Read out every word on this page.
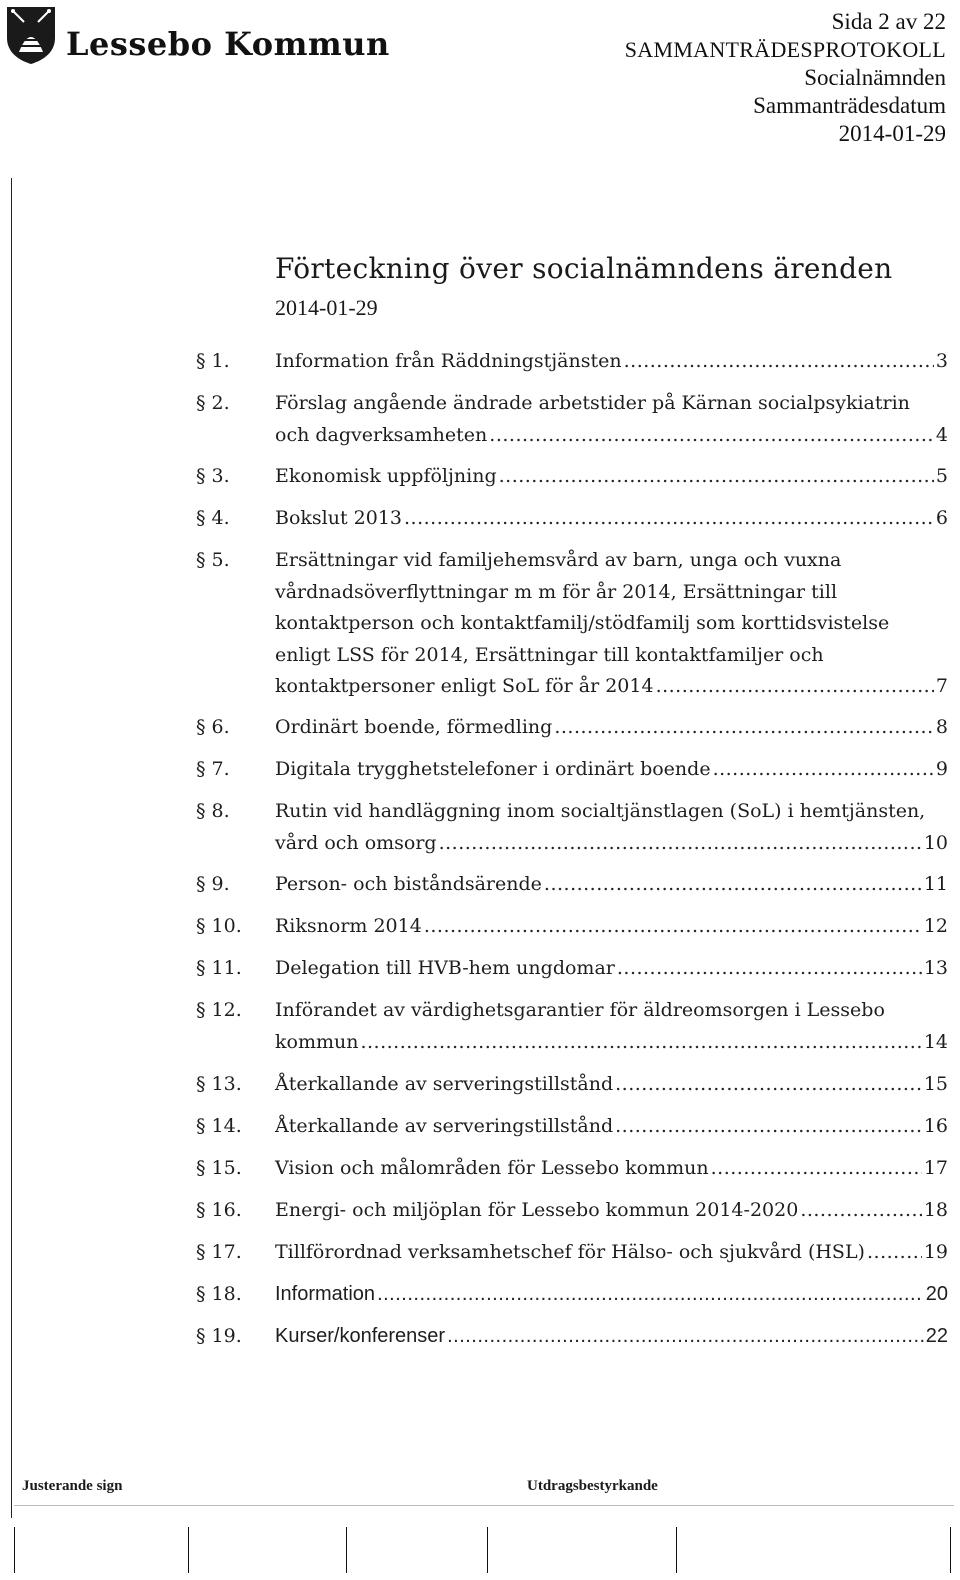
Lessebo Kommun
Sida 2 av 22
SAMMANTRÄDESPROTOKOLL
Socialnämnden
Sammanträdesdatum
2014-01-29
Förteckning över socialnämndens ärenden
2014-01-29
§ 1.	Information från Räddningstjänsten .....	3
§ 2.	Förslag angående ändrade arbetstider på Kärnan socialpsykiatrin
och dagverksamheten .....	4
§ 3.	Ekonomisk uppföljning .....	5
§ 4.	Bokslut 2013 .....	6
§ 5.	Ersättningar vid familjehemsvård av barn, unga och vuxna
vårdnadsöverflyttningar m m för år 2014, Ersättningar till
kontaktperson och kontaktfamilj/stödfamilj som korttidsvistelse
enligt LSS för 2014, Ersättningar till kontaktfamiljer och
kontaktpersoner enligt SoL för år 2014 .....	7
§ 6.	Ordinärt boende, förmedling .....	8
§ 7.	Digitala trygghetstelefoner i ordinärt boende .....	9
§ 8.	Rutin vid handläggning inom socialtjänstlagen (SoL) i hemtjänsten,
vård och omsorg .....	10
§ 9.	Person- och biståndsärende .....	11
§ 10.	Riksnorm 2014 .....	12
§ 11.	Delegation till HVB-hem ungdomar .....	13
§ 12.	Införandet av värdighetsgarantier för äldreomsorgen i Lessebo
kommun .....	14
§ 13.	Återkallande av serveringstillstånd .....	15
§ 14.	Återkallande av serveringstillstånd .....	16
§ 15.	Vision och målområden för Lessebo kommun .....	17
§ 16.	Energi- och miljöplan för Lessebo kommun 2014-2020 .....	18
§ 17.	Tillförordnad verksamhetschef för Hälso- och sjukvård (HSL) .....	19
§ 18.	Information .....	20
§ 19.	Kurser/konferenser .....	22
Justerande sign	Utdragsbestyrkande
